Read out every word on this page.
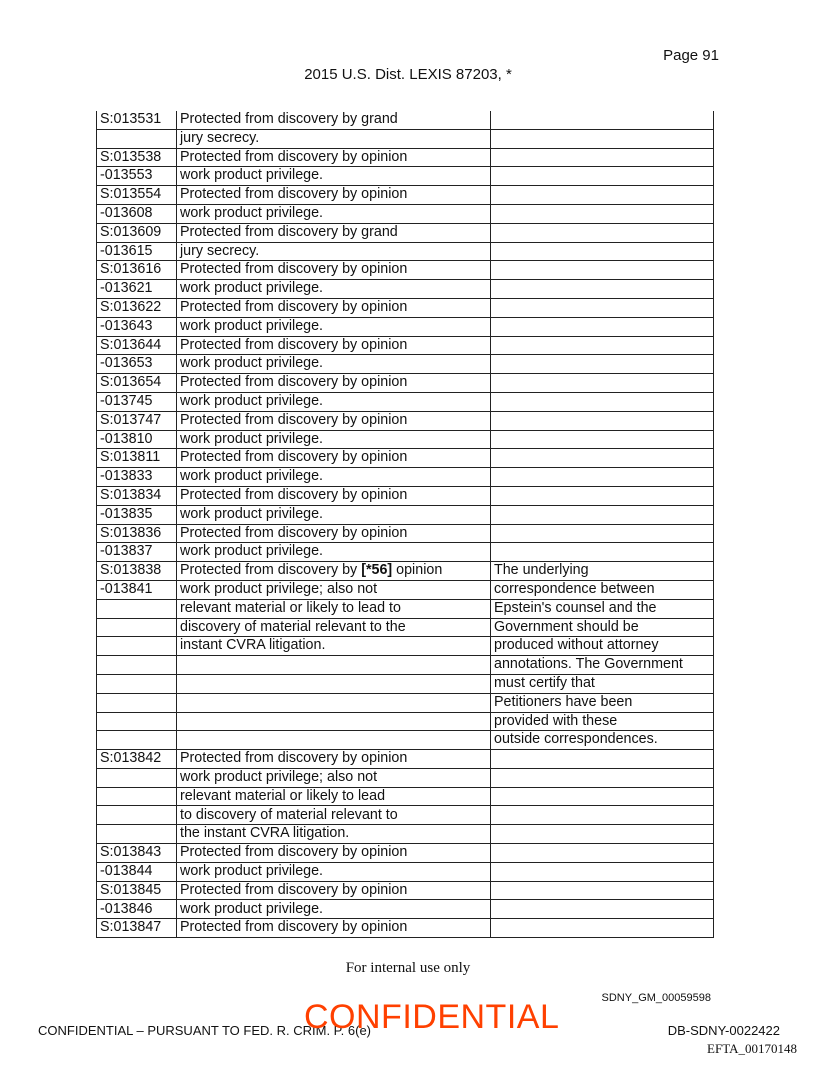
Page 91
2015 U.S. Dist. LEXIS 87203, *
S:013531	Protected from discovery by grand	
	jury secrecy.	
S:013538	Protected from discovery by opinion	
-013553	work product privilege.	
S:013554	Protected from discovery by opinion	
-013608	work product privilege.	
S:013609	Protected from discovery by grand	
-013615	jury secrecy.	
S:013616	Protected from discovery by opinion	
-013621	work product privilege.	
S:013622	Protected from discovery by opinion	
-013643	work product privilege.	
S:013644	Protected from discovery by opinion	
-013653	work product privilege.	
S:013654	Protected from discovery by opinion	
-013745	work product privilege.	
S:013747	Protected from discovery by opinion	
-013810	work product privilege.	
S:013811	Protected from discovery by opinion	
-013833	work product privilege.	
S:013834	Protected from discovery by opinion	
-013835	work product privilege.	
S:013836	Protected from discovery by opinion	
-013837	work product privilege.	
S:013838	Protected from discovery by [*56] opinion	The underlying
-013841	work product privilege; also not	correspondence between
	relevant material or likely to lead to	Epstein's counsel and the
	discovery of material relevant to the	Government should be
	instant CVRA litigation.	produced without attorney
		annotations. The Government
		must certify that
		Petitioners have been
		provided with these
		outside correspondences.
S:013842	Protected from discovery by opinion	
	work product privilege; also not	
	relevant material or likely to lead	
	to discovery of material relevant to	
	the instant CVRA litigation.	
S:013843	Protected from discovery by opinion	
-013844	work product privilege.	
S:013845	Protected from discovery by opinion	
-013846	work product privilege.	
S:013847	Protected from discovery by opinion	
For internal use only
SDNY_GM_00059598
CONFIDENTIAL – PURSUANT TO FED. R. CRIM. P. 6(e)
CONFIDENTIAL	DB-SDNY-0022422
EFTA_00170148
